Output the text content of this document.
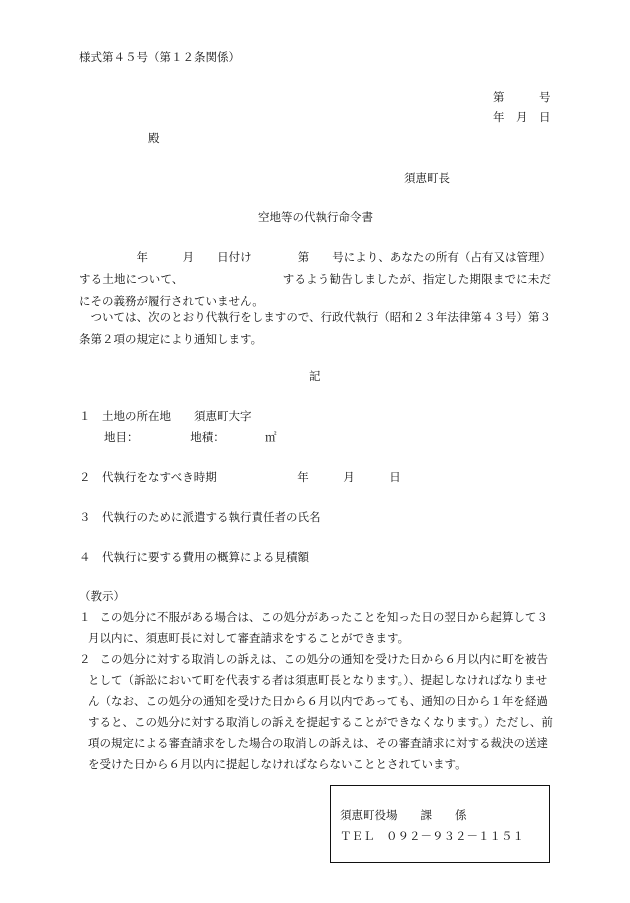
様式第４５号（第１２条関係）
第　　　号
年　月　日
殿
須恵町長
空地等の代執行命令書
　　　　　年　　　月　　日付け　　　　第　　号により、あなたの所有（占有又は管理）する土地について、　　　　　　　　　するよう勧告しましたが、指定した期限までに未だにその義務が履行されていません。
　ついては、次のとおり代執行をしますので、行政代執行（昭和２３年法律第４３号）第３条第２項の規定により通知します。
記
１　土地の所在地　　須恵町大字
地目：　　　　　地積：　　　　㎡
２　代執行をなすべき時期　　　　　　　年　　　月　　　日
３　代執行のために派遣する執行責任者の氏名
４　代執行に要する費用の概算による見積額
（教示）
１
　この処分に不服がある場合は、この処分があったことを知った日の翌日から起算して３月以内に、須恵町長に対して審査請求をすることができます。
２
　この処分に対する取消しの訴えは、この処分の通知を受けた日から６月以内に町を被告として（訴訟において町を代表する者は須恵町長となります。）、提起しなければなりません（なお、この処分の通知を受けた日から６月以内であっても、通知の日から１年を経過すると、この処分に対する取消しの訴えを提起することができなくなります。）ただし、前項の規定による審査請求をした場合の取消しの訴えは、その審査請求に対する裁決の送達を受けた日から６月以内に提起しなければならないこととされています。
須恵町役場　　課　　係
ＴＥＬ　０９２－９３２－１１５１
